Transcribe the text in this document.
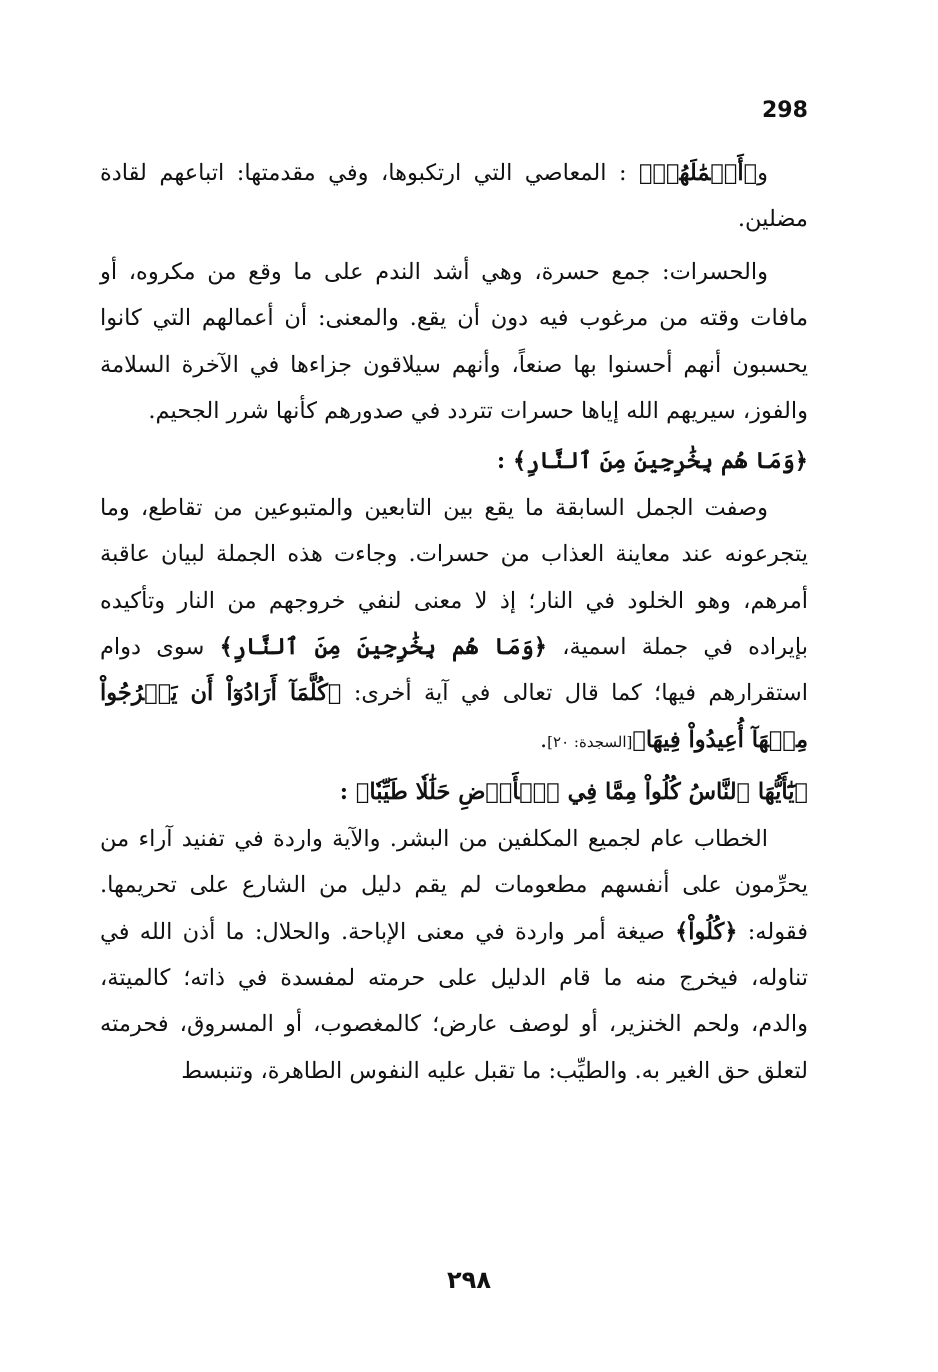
298

و﴿أَعۡمَٰلَهُمۡ﴾ : المعاصي التي ارتكبوها، وفي مقدمتها: اتباعهم لقادة مضلين.

والحسرات: جمع حسرة، وهي أشد الندم على ما وقع من مكروه، أو مافات وقته من مرغوب فيه دون أن يقع. والمعنى: أن أعمالهم التي كانوا يحسبون أنهم أحسنوا بها صنعاً، وأنهم سيلاقون جزاءها في الآخرة السلامة والفوز، سيريهم الله إياها حسرات تتردد في صدورهم كأنها شرر الجحيم.

﴿وَمَا هُم بِخَٰرِجِينَ مِنَ ٱلنَّارِ﴾ :

وصفت الجمل السابقة ما يقع بين التابعين والمتبوعين من تقاطع، وما يتجرعونه عند معاينة العذاب من حسرات. وجاءت هذه الجملة لبيان عاقبة أمرهم، وهو الخلود في النار؛ إذ لا معنى لنفي خروجهم من النار وتأكيده بإيراده في جملة اسمية، ﴿وَمَا هُم بِخَٰرِجِينَ مِنَ ٱلنَّارِ﴾ سوى دوام استقرارهم فيها؛ كما قال تعالى في آية أخرى: ﴿كُلَّمَآ أَرَادُوٓاْ أَن يَخۡرُجُواْ مِنۡهَآ أُعِيدُواْ فِيهَا﴾[السجدة: ٢٠].

﴿يَٰٓأَيُّهَا ٱلنَّاسُ كُلُواْ مِمَّا فِي ٱلۡأَرۡضِ حَلَٰلٗا طَيِّبٗا﴾ :

الخطاب عام لجميع المكلفين من البشر. والآية واردة في تفنيد آراء من يحرِّمون على أنفسهم مطعومات لم يقم دليل من الشارع على تحريمها. فقوله: ﴿كُلُواْ﴾ صيغة أمر واردة في معنى الإباحة. والحلال: ما أذن الله في تناوله، فيخرج منه ما قام الدليل على حرمته لمفسدة في ذاته؛ كالميتة، والدم، ولحم الخنزير، أو لوصف عارض؛ كالمغصوب، أو المسروق، فحرمته لتعلق حق الغير به. والطيِّب: ما تقبل عليه النفوس الطاهرة، وتنبسط

٢٩٨
